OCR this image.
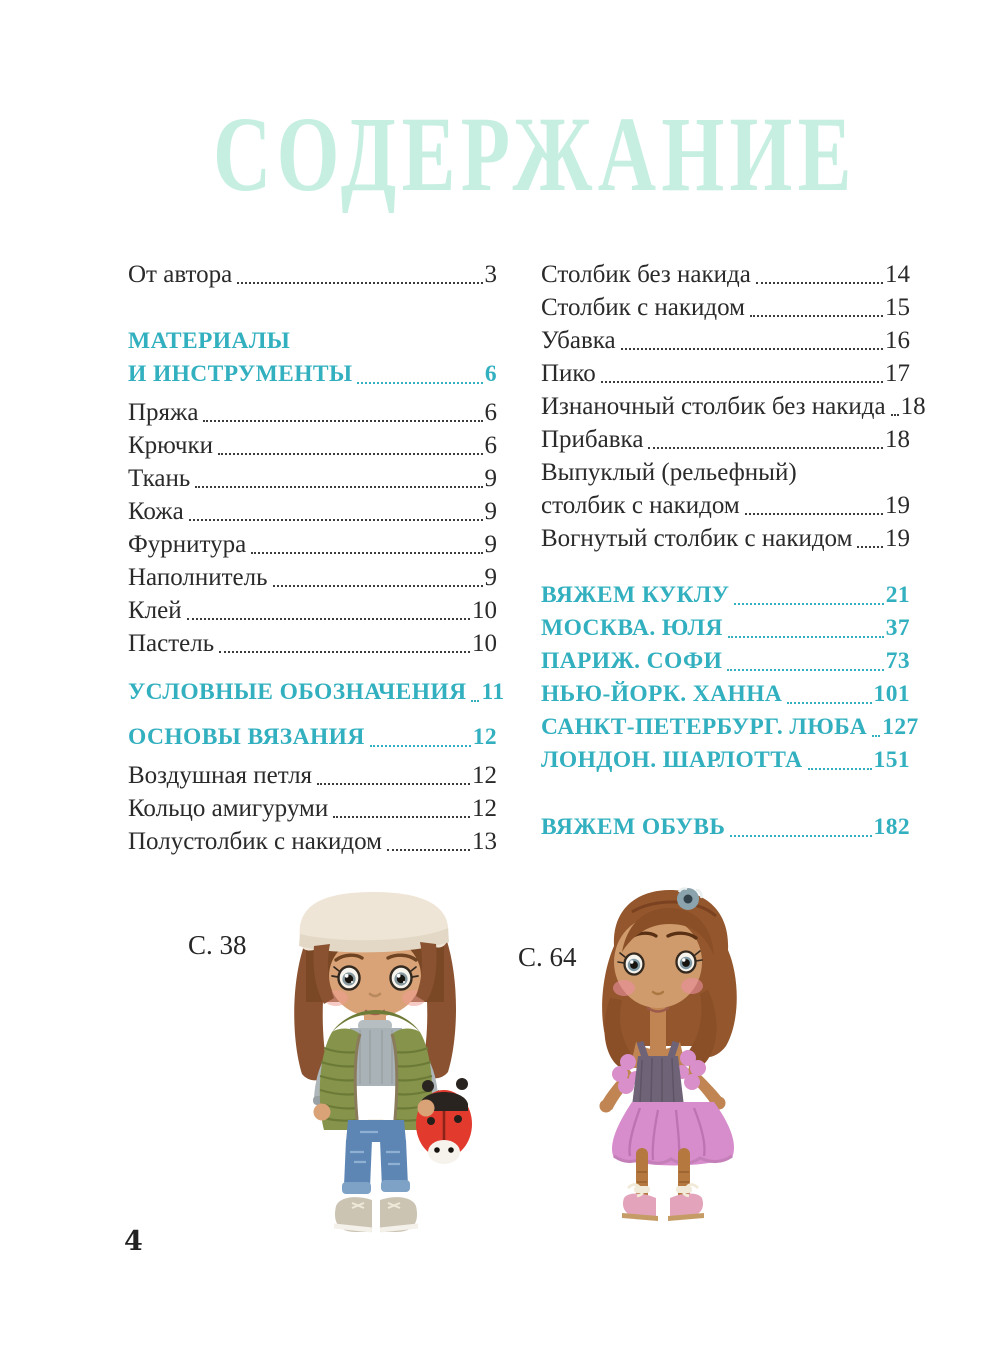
СОДЕРЖАНИЕ
От автора	3
МАТЕРИАЛЫ
И ИНСТРУМЕНТЫ	6
Пряжа	6
Крючки	6
Ткань	9
Кожа	9
Фурнитура	9
Наполнитель	9
Клей	10
Пастель	10
УСЛОВНЫЕ ОБОЗНАЧЕНИЯ 11
ОСНОВЫ ВЯЗАНИЯ	12
Воздушная петля	12
Кольцо амигуруми	12
Полустолбик с накидом	13
Столбик без накида	14
Столбик с накидом	15
Убавка	16
Пико	17
Изнаночный столбик без накида 18
Прибавка	18
Выпуклый (рельефный)
столбик с накидом	19
Вогнутый столбик с накидом 19
ВЯЖЕМ КУКЛУ	21
МОСКВА. ЮЛЯ	37
ПАРИЖ. СОФИ	73
НЬЮ-ЙОРК. ХАННА	101
САНКТ-ПЕТЕРБУРГ. ЛЮБА 127
ЛОНДОН. ШАРЛОТТА	151
ВЯЖЕМ ОБУВЬ	182
С. 38	С. 64
4
